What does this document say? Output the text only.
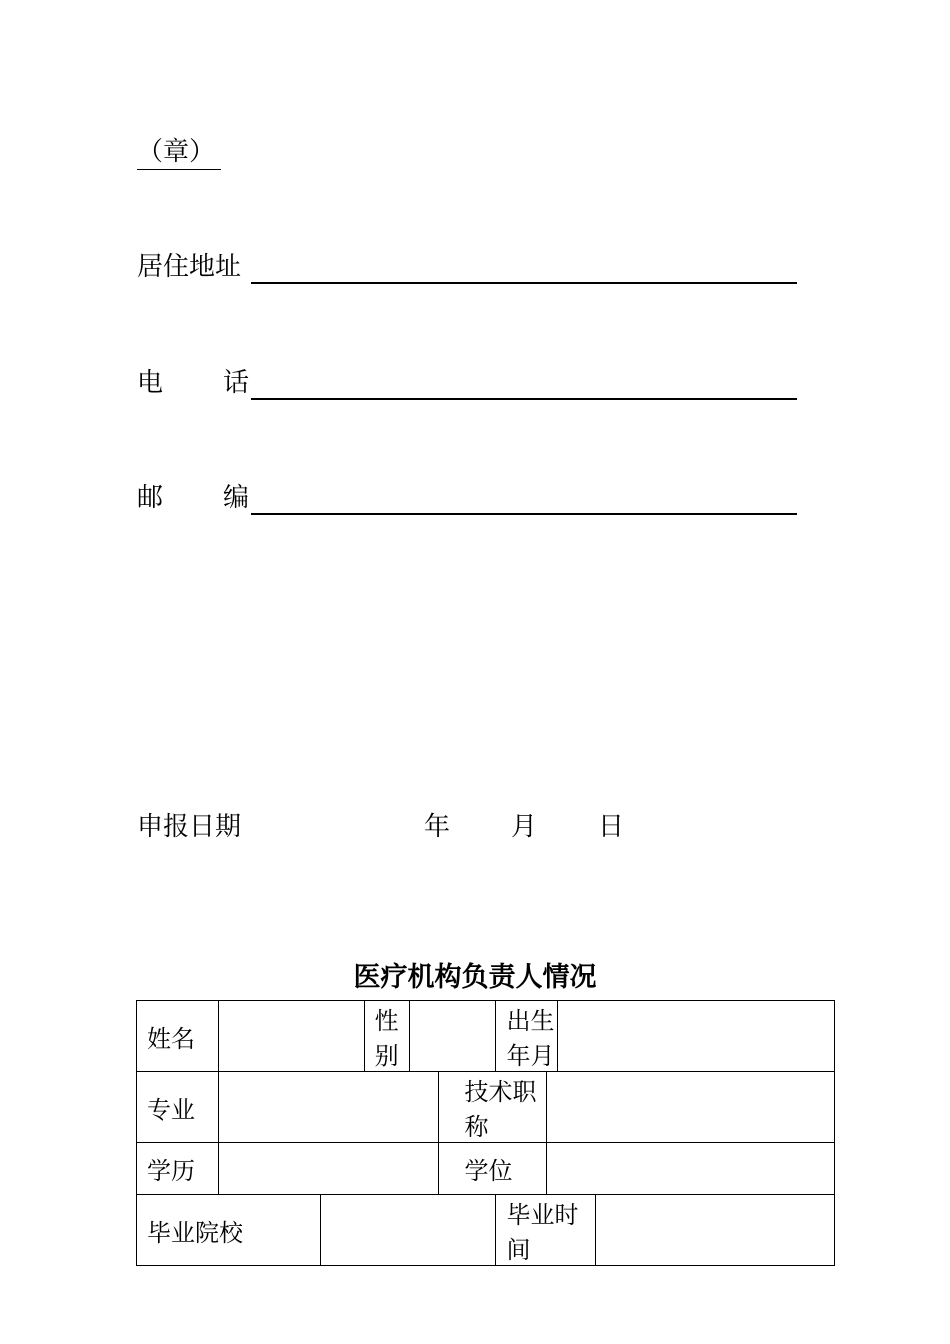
（章）
居住地址
电 话
邮 编
申报日期	年 月 日
医疗机构负责人情况
姓名			性别			出生年月			
专业					技术职称				
学历					学位				
毕业院校						毕业时间			
